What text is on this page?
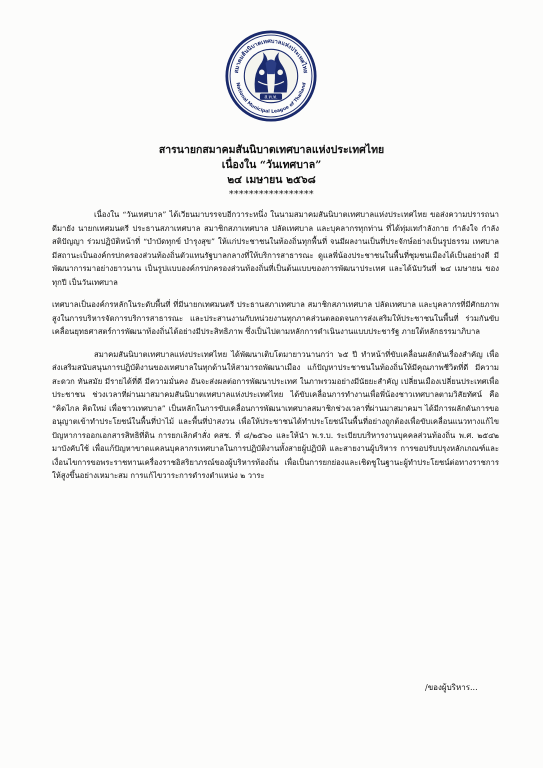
สมาคมสันนิบาตเทศบาลแห่งประเทศไทย
National Municipal League of Thailand
ส.ท.ท.
สารนายกสมาคมสันนิบาตเทศบาลแห่งประเทศไทย
เนื่องใน “วันเทศบาล”
๒๔ เมษายน ๒๕๖๘
*****************

เนื่องใน “วันเทศบาล” ได้เวียนมาบรรจบอีกวาระหนึ่ง ในนามสมาคมสันนิบาตเทศบาลแห่งประเทศไทย ขอส่งความปรารถนาดีมายัง นายกเทศมนตรี ประธานสภาเทศบาล สมาชิกสภาเทศบาล ปลัดเทศบาล และบุคลากรทุกท่าน ที่ได้ทุ่มเทกำลังกาย กำลังใจ กำลังสติปัญญา ร่วมปฏิบัติหน้าที่ “บำบัดทุกข์ บำรุงสุข” ให้แก่ประชาชนในท้องถิ่นทุกพื้นที่ จนมีผลงานเป็นที่ประจักษ์อย่างเป็นรูปธรรม เทศบาลมีสถานะเป็นองค์กรปกครองส่วนท้องถิ่นตัวแทนรัฐบาลกลางที่ให้บริการสาธารณะ ดูแลพี่น้องประชาชนในพื้นที่ชุมชนเมืองได้เป็นอย่างดี มีพัฒนาการมาอย่างยาวนาน เป็นรูปแบบองค์กรปกครองส่วนท้องถิ่นที่เป็นต้นแบบของการพัฒนาประเทศ และได้นับวันที่ ๒๔ เมษายน ของทุกปี เป็นวันเทศบาล

เทศบาลเป็นองค์กรหลักในระดับพื้นที่ ที่มีนายกเทศมนตรี ประธานสภาเทศบาล สมาชิกสภาเทศบาล ปลัดเทศบาล และบุคลากรที่มีศักยภาพสูงในการบริหารจัดการบริการสาธารณะ และประสานงานกับหน่วยงานทุกภาคส่วนตลอดจนการส่งเสริมให้ประชาชนในพื้นที่ ร่วมกันขับเคลื่อนยุทธศาสตร์การพัฒนาท้องถิ่นได้อย่างมีประสิทธิภาพ ซึ่งเป็นไปตามหลักการดำเนินงานแบบประชารัฐ ภายใต้หลักธรรมาภิบาล

สมาคมสันนิบาตเทศบาลแห่งประเทศไทย ได้พัฒนาเติบโตมายาวนานกว่า ๖๕ ปี ทำหน้าที่ขับเคลื่อนผลักดันเรื่องสำคัญ เพื่อส่งเสริมสนับสนุนการปฏิบัติงานของเทศบาลในทุกด้านให้สามารถพัฒนาเมือง แก้ปัญหาประชาชนในท้องถิ่นให้มีคุณภาพชีวิตที่ดี มีความสะดวก ทันสมัย มีรายได้ที่ดี มีความมั่นคง อันจะส่งผลต่อการพัฒนาประเทศ ในภาพรวมอย่างมีนัยยะสำคัญ เปลี่ยนเมืองเปลี่ยนประเทศเพื่อประชาชน ช่วงเวลาที่ผ่านมาสมาคมสันนิบาตเทศบาลแห่งประเทศไทย ได้ขับเคลื่อนการทำงานเพื่อพี่น้องชาวเทศบาลตามวิสัยทัศน์ คือ “คิดไกล คิดใหม่ เพื่อชาวเทศบาล” เป็นหลักในการขับเคลื่อนการพัฒนาเทศบาลสมาชิกช่วงเวลาที่ผ่านมาสมาคมฯ ได้มีการผลักดันการขออนุญาตเข้าทำประโยชน์ในพื้นที่ป่าไม้ และพื้นที่ป่าสงวน เพื่อให้ประชาชนได้ทำประโยชน์ในพื้นที่อย่างถูกต้องเพื่อขับเคลื่อนแนวทางแก้ไขปัญหาการออกเอกสารสิทธิที่ดิน การยกเลิกคำสั่ง คสช. ที่ ๘/๒๕๖๐ และให้นำ พ.ร.บ. ระเบียบบริหารงานบุคคลส่วนท้องถิ่น พ.ศ. ๒๕๔๒ มาบังคับใช้ เพื่อแก้ปัญหาขาดแคลนบุคลากรเทศบาลในการปฏิบัติงานทั้งสายผู้ปฏิบัติ และสายงานผู้บริหาร การขอปรับปรุงหลักเกณฑ์และเงื่อนไขการขอพระราชทานเครื่องราชอิสริยาภรณ์ของผู้บริหารท้องถิ่น เพื่อเป็นการยกย่องและเชิดชูในฐานะผู้ทำประโยชน์ต่อทางราชการให้สูงขึ้นอย่างเหมาะสม การแก้ไขวาระการดำรงตำแหน่ง ๒ วาระ

/ของผู้บริหาร...
